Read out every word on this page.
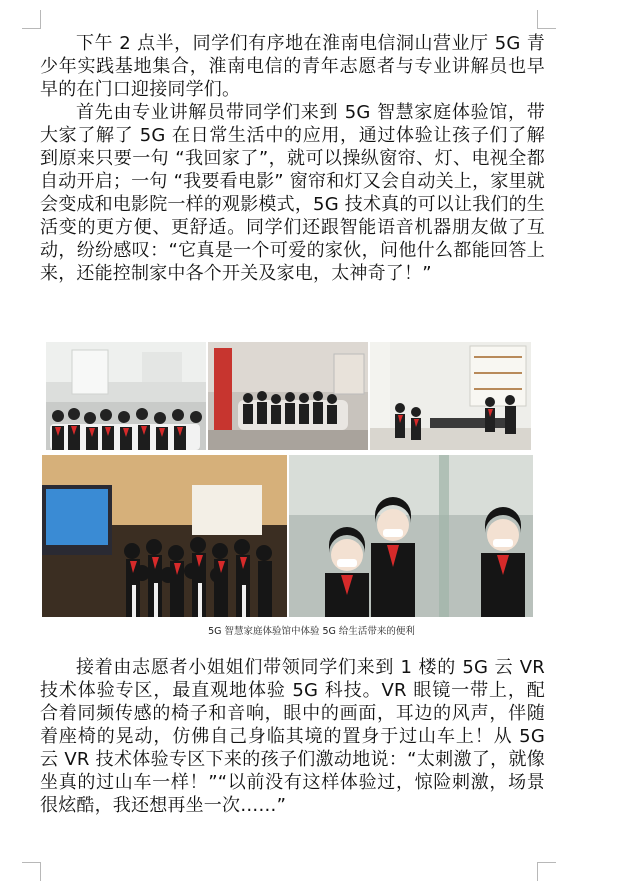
下午 2 点半，同学们有序地在淮南电信洞山营业厅 5G 青少年实践基地集合，淮南电信的青年志愿者与专业讲解员也早早的在门口迎接同学们。

首先由专业讲解员带同学们来到 5G 智慧家庭体验馆，带大家了解了 5G 在日常生活中的应用，通过体验让孩子们了解到原来只要一句 “我回家了”，就可以操纵窗帘、灯、电视全都自动开启；一句 “我要看电影” 窗帘和灯又会自动关上，家里就会变成和电影院一样的观影模式，5G 技术真的可以让我们的生活变的更方便、更舒适。同学们还跟智能语音机器朋友做了互动，纷纷感叹：“它真是一个可爱的家伙，问他什么都能回答上来，还能控制家中各个开关及家电，太神奇了！”

5G 智慧家庭体验馆中体验 5G 给生活带来的便利

接着由志愿者小姐姐们带领同学们来到 1 楼的 5G 云 VR 技术体验专区，最直观地体验 5G 科技。VR 眼镜一带上，配合着同频传感的椅子和音响，眼中的画面，耳边的风声，伴随着座椅的晃动，仿佛自己身临其境的置身于过山车上！从 5G 云 VR 技术体验专区下来的孩子们激动地说：“太刺激了，就像坐真的过山车一样！”“以前没有这样体验过，惊险刺激，场景很炫酷，我还想再坐一次……”
